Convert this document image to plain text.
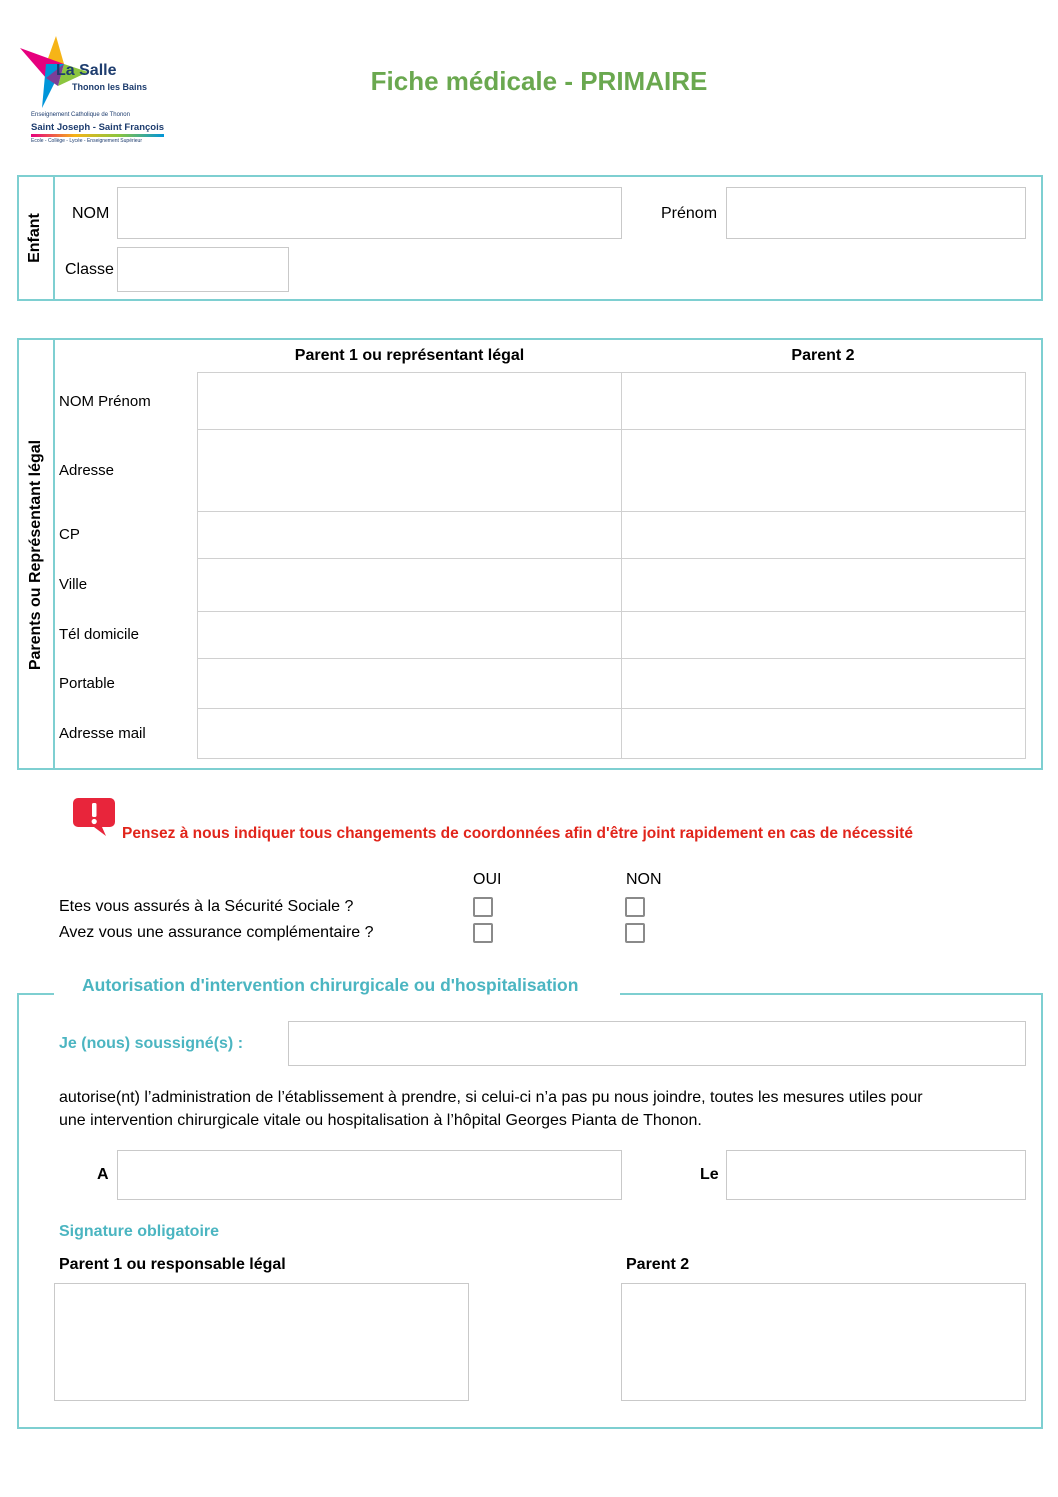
La Salle
Thonon les Bains
Enseignement Catholique de Thonon
Saint Joseph - Saint François
Ecole - Collège - Lycée - Enseignement Supérieur
Fiche médicale - PRIMAIRE
Enfant NOM	Prénom
Classe
Parents ou Représentant légal
Parent 1 ou représentant légal	Parent 2
NOM Prénom
Adresse
CP
Ville
Tél domicile
Portable
Adresse mail

Pensez à nous indiquer tous changements de coordonnées afin d'être joint rapidement en cas de nécessité
OUI	NON
Etes vous assurés à la Sécurité Sociale ?
Avez vous une assurance complémentaire ?
Autorisation d'intervention chirurgicale ou d'hospitalisation
Je (nous) soussigné(s) :
autorise(nt) l’administration de l’établissement à prendre, si celui-ci n’a pas pu nous joindre, toutes les mesures utiles pour
une intervention chirurgicale vitale ou hospitalisation à l’hôpital Georges Pianta de Thonon.
A	Le
Signature obligatoire
Parent 1 ou responsable légal	Parent 2
